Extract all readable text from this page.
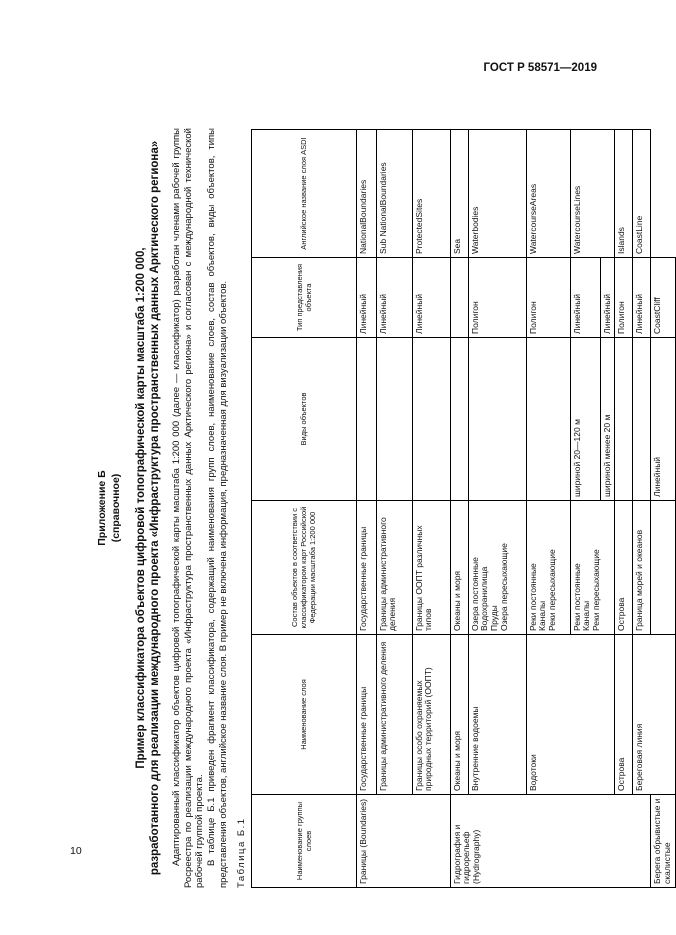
ГОСТ Р 58571—2019
10
Приложение Б (справочное) Пример классификатора объектов цифровой топографической карты масштаба 1:200 000, разработанного для реализации международного проекта «Инфраструктура пространственных данных Арктического региона» Адаптированный классификатор объектов цифровой топографической карты масштаба 1:200 000 (далее — классификатор) разработан членами рабочей группы Росреестра по реализации международного проекта «Инфраструктура пространственных данных Арктического региона» и согласован с международной технической рабочей группой проекта. В таблице Б.1 приведен фрагмент классификатора, содержащий наименования групп слоев, наименование слоев, состав объектов, виды объектов, типы представления объектов, английское название слоя. В пример не включена информация, предназначенная для визуализации объектов. Таблица Б.1	Наименование группы слоев	Наименование слоя	Состав объектов в соответствии с классификатором карт Российской Федерации масштаба 1:200 000	Виды объектов	Тип представления объекта	Английское название слоя ASDI
Границы (Boundaries)	Государственные границы	Государственные границы		Линейный	NationalBoundaries
	Границы административного деления	Границы административного деления		Линейный	Sub NationalBoundaries
	Границы особо охраняемых природных территорий (ООПТ)	Границы ООПТ различных типов		Линейный	ProtectedSites
Гидрография и гидрорельеф (Hydrography)	Океаны и моря	Океаны и моря			Sea
	Внутренние водоемы	Озера постоянные
Водохранилища
Пруды
Озера пересыхающие		Полигон	Waterbodies
	Водотоки	Реки постоянные
Каналы
Реки пересыхающие		Полигон	WatercourseAreas
		Реки постоянные
Каналы
Реки пересыхающие	шириной 20—120 м	Линейный	WatercourseLines
			шириной менее 20 м	Линейный	
	Острова	Острова		Полигон	Islands
	Береговая линия	Граница морей и океанов		Линейный	CoastLine
Берега обрывистые и скалистые			Линейный	CoastCliff	
